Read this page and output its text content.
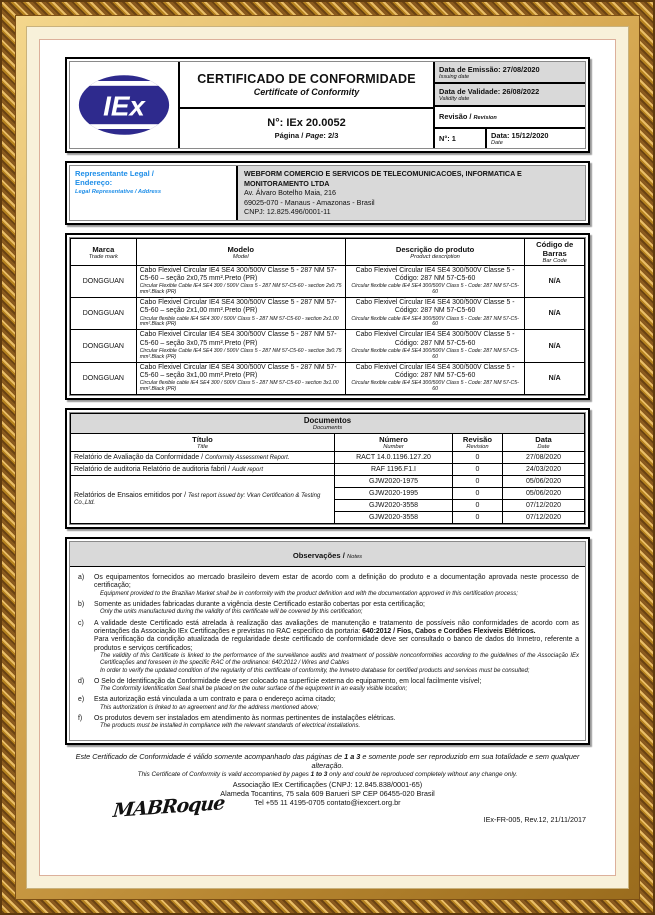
IEx
CERTIFICADO DE CONFORMIDADE
Certificate of Conformity
N°: IEx 20.0052
Página / Page: 2/3
Data de Emissão: 27/08/2020
Issuing date
Data de Validade: 26/08/2022
Validity date
Revisão / Revision
N°: 1	Data: 15/12/2020
Date
Representante Legal /
Endereço:
Legal Representative / Address
WEBFORM COMERCIO E SERVICOS DE TELECOMUNICACOES, INFORMATICA E MONITORAMENTO LTDA
Av. Álvaro Botelho Maia, 216
69025-070 - Manaus - Amazonas - Brasil
CNPJ: 12.825.496/0001-11
Marca
Trade mark

Modelo
Model

Descrição do produto
Product description

Código de Barras
Bar Code

DONGGUAN	
Cabo Flexivel Circular IE4 SE4 300/500V Classe 5 - 287 NM 57-C5-60 – seção 2x0,75 mm².Preto (PR)
Circular Flexible Cable IE4 SE4 300 / 500V Class 5 - 287 NM 57-C5-60 - section 2x0.75 mm².Black (PR)

Cabo Flexivel Circular IE4 SE4 300/500V Classe 5 - Código: 287 NM 57-C5-60
Circular flexible cable IE4 SE4 300/500V Class 5 - Code: 287 NM 57-C5-60
	N/A
DONGGUAN	
Cabo Flexivel Circular IE4 SE4 300/500V Classe 5 - 287 NM 57-C5-60 – seção 2x1,00 mm².Preto (PR)
Circular flexible cable IE4 SE4 300 / 500V Class 5 - 287 NM 57-C5-60 - section 2x1.00 mm².Black (PR)

Cabo Flexivel Circular IE4 SE4 300/500V Classe 5 - Código: 287 NM 57-C5-60
Circular flexible cable IE4 SE4 300/500V Class 5 - Code: 287 NM 57-C5-60
	N/A
DONGGUAN	
Cabo Flexivel Circular IE4 SE4 300/500V Classe 5 - 287 NM 57-C5-60 – seção 3x0,75 mm².Preto (PR)
Circular Flexible Cable IE4 SE4 300 / 500V Class 5 - 287 NM 57-C5-60 - section 3x0.75 mm².Black (PR)

Cabo Flexivel Circular IE4 SE4 300/500V Classe 5 - Código: 287 NM 57-C5-60
Circular flexible cable IE4 SE4 300/500V Class 5 - Code: 287 NM 57-C5-60
	N/A
DONGGUAN	
Cabo Flexivel Circular IE4 SE4 300/500V Classe 5 - 287 NM 57-C5-60 – seção 3x1,00 mm².Preto (PR)
Circular flexible cable IE4 SE4 300 / 500V Class 5 - 287 NM 57-C5-60 - section 3x1.00 mm².Black (PR)

Cabo Flexivel Circular IE4 SE4 300/500V Classe 5 - Código: 287 NM 57-C5-60
Circular flexible cable IE4 SE4 300/500V Class 5 - Code: 287 NM 57-C5-60
	N/A
Documentos
Documents			

Título
Title

Número
Number

Revisão
Revision

Data
Date

Relatório de Avaliação da Conformidade / Conformity Assessment Report.	RACT 14.0.1196.127.20	0	27/08/2020
Relatório de auditoria Relatório de auditoria fabril / Audit report	RAF 1196.F1.I	0	24/03/2020
Relatórios de Ensaios emitidos por / Test report issued by: Vkan Certification & Testing Co.,Ltd.	GJW2020-1975	0	05/06/2020
	GJW2020-1995	0	05/06/2020
	GJW2020-3558	0	07/12/2020
	GJW2020-3558	0	07/12/2020
Observações / Notes
a)	Os equipamentos fornecidos ao mercado brasileiro devem estar de acordo com a definição do produto e a documentação aprovada neste processo de certificação;
Equipment provided to the Brazilian Market shall be in conformity with the product definition and with the documentation approved in this certification process;
b)	Somente as unidades fabricadas durante a vigência deste Certificado estarão cobertas por esta certificação;
Only the units manufactured during the validity of this certificate will be covered by this certification;
c)	A validade deste Certificado está atrelada à realização das avaliações de manutenção e tratamento de possíveis não conformidades de acordo com as orientações da Associação IEx Certificações e previstas no RAC especifico da portaria: 640:2012 / Fios, Cabos e Cordões Flexiveis Elétricos.
Para verificação da condição atualizada de regularidade deste certificado de conformidade deve ser consultado o banco de dados do Inmetro, referente a produtos e serviços certificados;
The validity of this Certificate is linked to the performance of the surveillance audits and treatment of possible nonconformities according to the guidelines of the Associação IEx Certificações and foreseen in the specific RAC of the ordinance: 640:2012 / Wires and Cables
In order to verify the updated condition of the regularity of this certificate of conformity, the Inmetro database for certified products and services must be consulted;
d)	O Selo de Identificação da Conformidade deve ser colocado na superfície externa do equipamento, em local facilmente visível;
The Conformity Identification Seal shall be placed on the outer surface of the equipment in an easily visible location;
e)	Esta autorização está vinculada a um contrato e para o endereço acima citado;
This authorization is linked to an agreement and for the address mentioned above;
f)	Os produtos devem ser instalados em atendimento às normas pertinentes de instalações elétricas.
The products must be installed in compliance with the relevant standards of electrical installations.
Este Certificado de Conformidade é válido somente acompanhado das páginas de 1 a 3 e somente pode ser reproduzido em sua totalidade e sem qualquer alteração.
This Certificate of Conformity is valid accompanied by pages 1 to 3 only and could be reproduced completely without any change only.
Associação IEx Certificações (CNPJ: 12.845.838/0001-65)
Alameda Tocantins, 75 sala 609 Barueri SP CEP 06455-020 Brasil
Tel +55 11 4195-0705 contato@iexcert.org.br
MABRoque	IEx-FR-005, Rev.12, 21/11/2017
